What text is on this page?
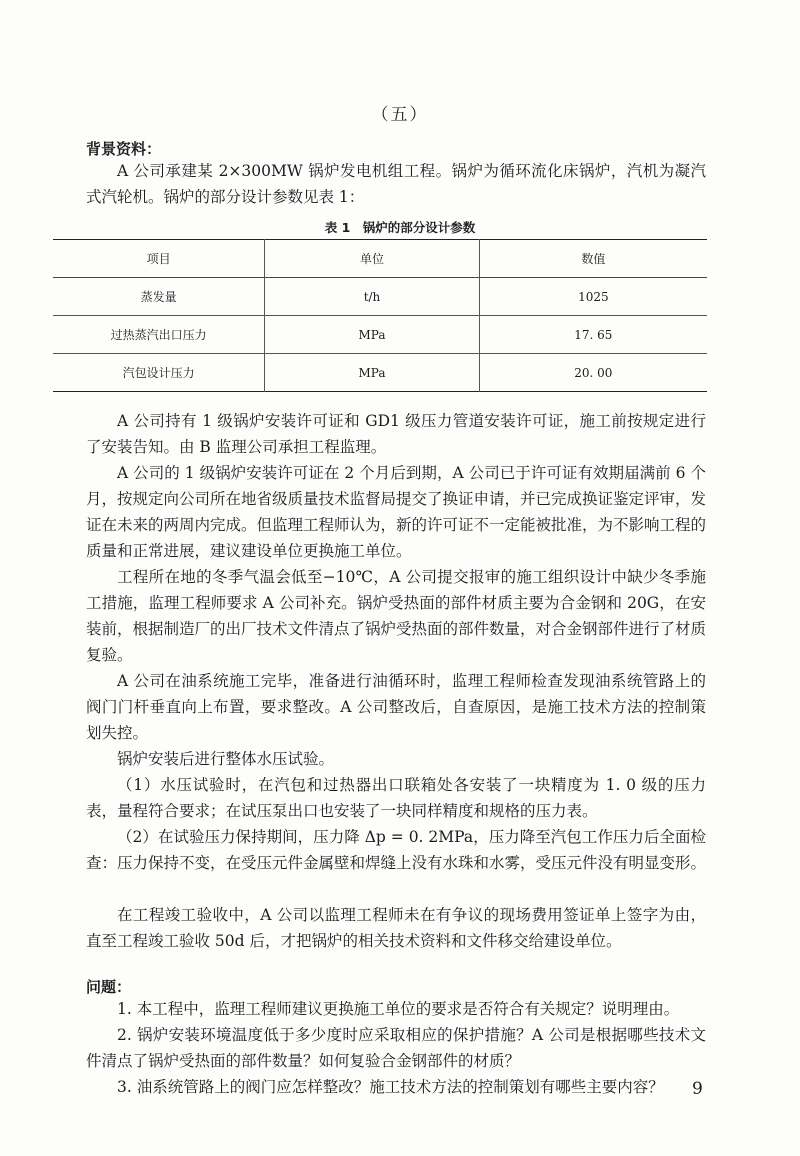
（五）
背景资料：

A 公司承建某 2×300MW 锅炉发电机组工程。锅炉为循环流化床锅炉，汽机为凝汽式汽轮机。锅炉的部分设计参数见表 1：

表 1　锅炉的部分设计参数
项目	单位	数值
蒸发量	t/h	1025
过热蒸汽出口压力	MPa	17. 65
汽包设计压力	MPa	20. 00

A 公司持有 1 级锅炉安装许可证和 GD1 级压力管道安装许可证，施工前按规定进行了安装告知。由 B 监理公司承担工程监理。

A 公司的 1 级锅炉安装许可证在 2 个月后到期，A 公司已于许可证有效期届满前 6 个月，按规定向公司所在地省级质量技术监督局提交了换证申请，并已完成换证鉴定评审，发证在未来的两周内完成。但监理工程师认为，新的许可证不一定能被批准，为不影响工程的质量和正常进展，建议建设单位更换施工单位。

工程所在地的冬季气温会低至−10℃，A 公司提交报审的施工组织设计中缺少冬季施工措施，监理工程师要求 A 公司补充。锅炉受热面的部件材质主要为合金钢和 20G，在安装前，根据制造厂的出厂技术文件清点了锅炉受热面的部件数量，对合金钢部件进行了材质复验。

A 公司在油系统施工完毕，准备进行油循环时，监理工程师检查发现油系统管路上的阀门门杆垂直向上布置，要求整改。A 公司整改后，自查原因，是施工技术方法的控制策划失控。

锅炉安装后进行整体水压试验。

（1）水压试验时，在汽包和过热器出口联箱处各安装了一块精度为 1. 0 级的压力表，量程符合要求；在试压泵出口也安装了一块同样精度和规格的压力表。

（2）在试验压力保持期间，压力降 Δp = 0. 2MPa，压力降至汽包工作压力后全面检查：压力保持不变，在受压元件金属壁和焊缝上没有水珠和水雾，受压元件没有明显变形。

在工程竣工验收中，A 公司以监理工程师未在有争议的现场费用签证单上签字为由，直至工程竣工验收 50d 后，才把锅炉的相关技术资料和文件移交给建设单位。

问题：

1. 本工程中，监理工程师建议更换施工单位的要求是否符合有关规定？说明理由。

2. 锅炉安装环境温度低于多少度时应采取相应的保护措施？A 公司是根据哪些技术文件清点了锅炉受热面的部件数量？如何复验合金钢部件的材质？

3. 油系统管路上的阀门应怎样整改？施工技术方法的控制策划有哪些主要内容？	9
